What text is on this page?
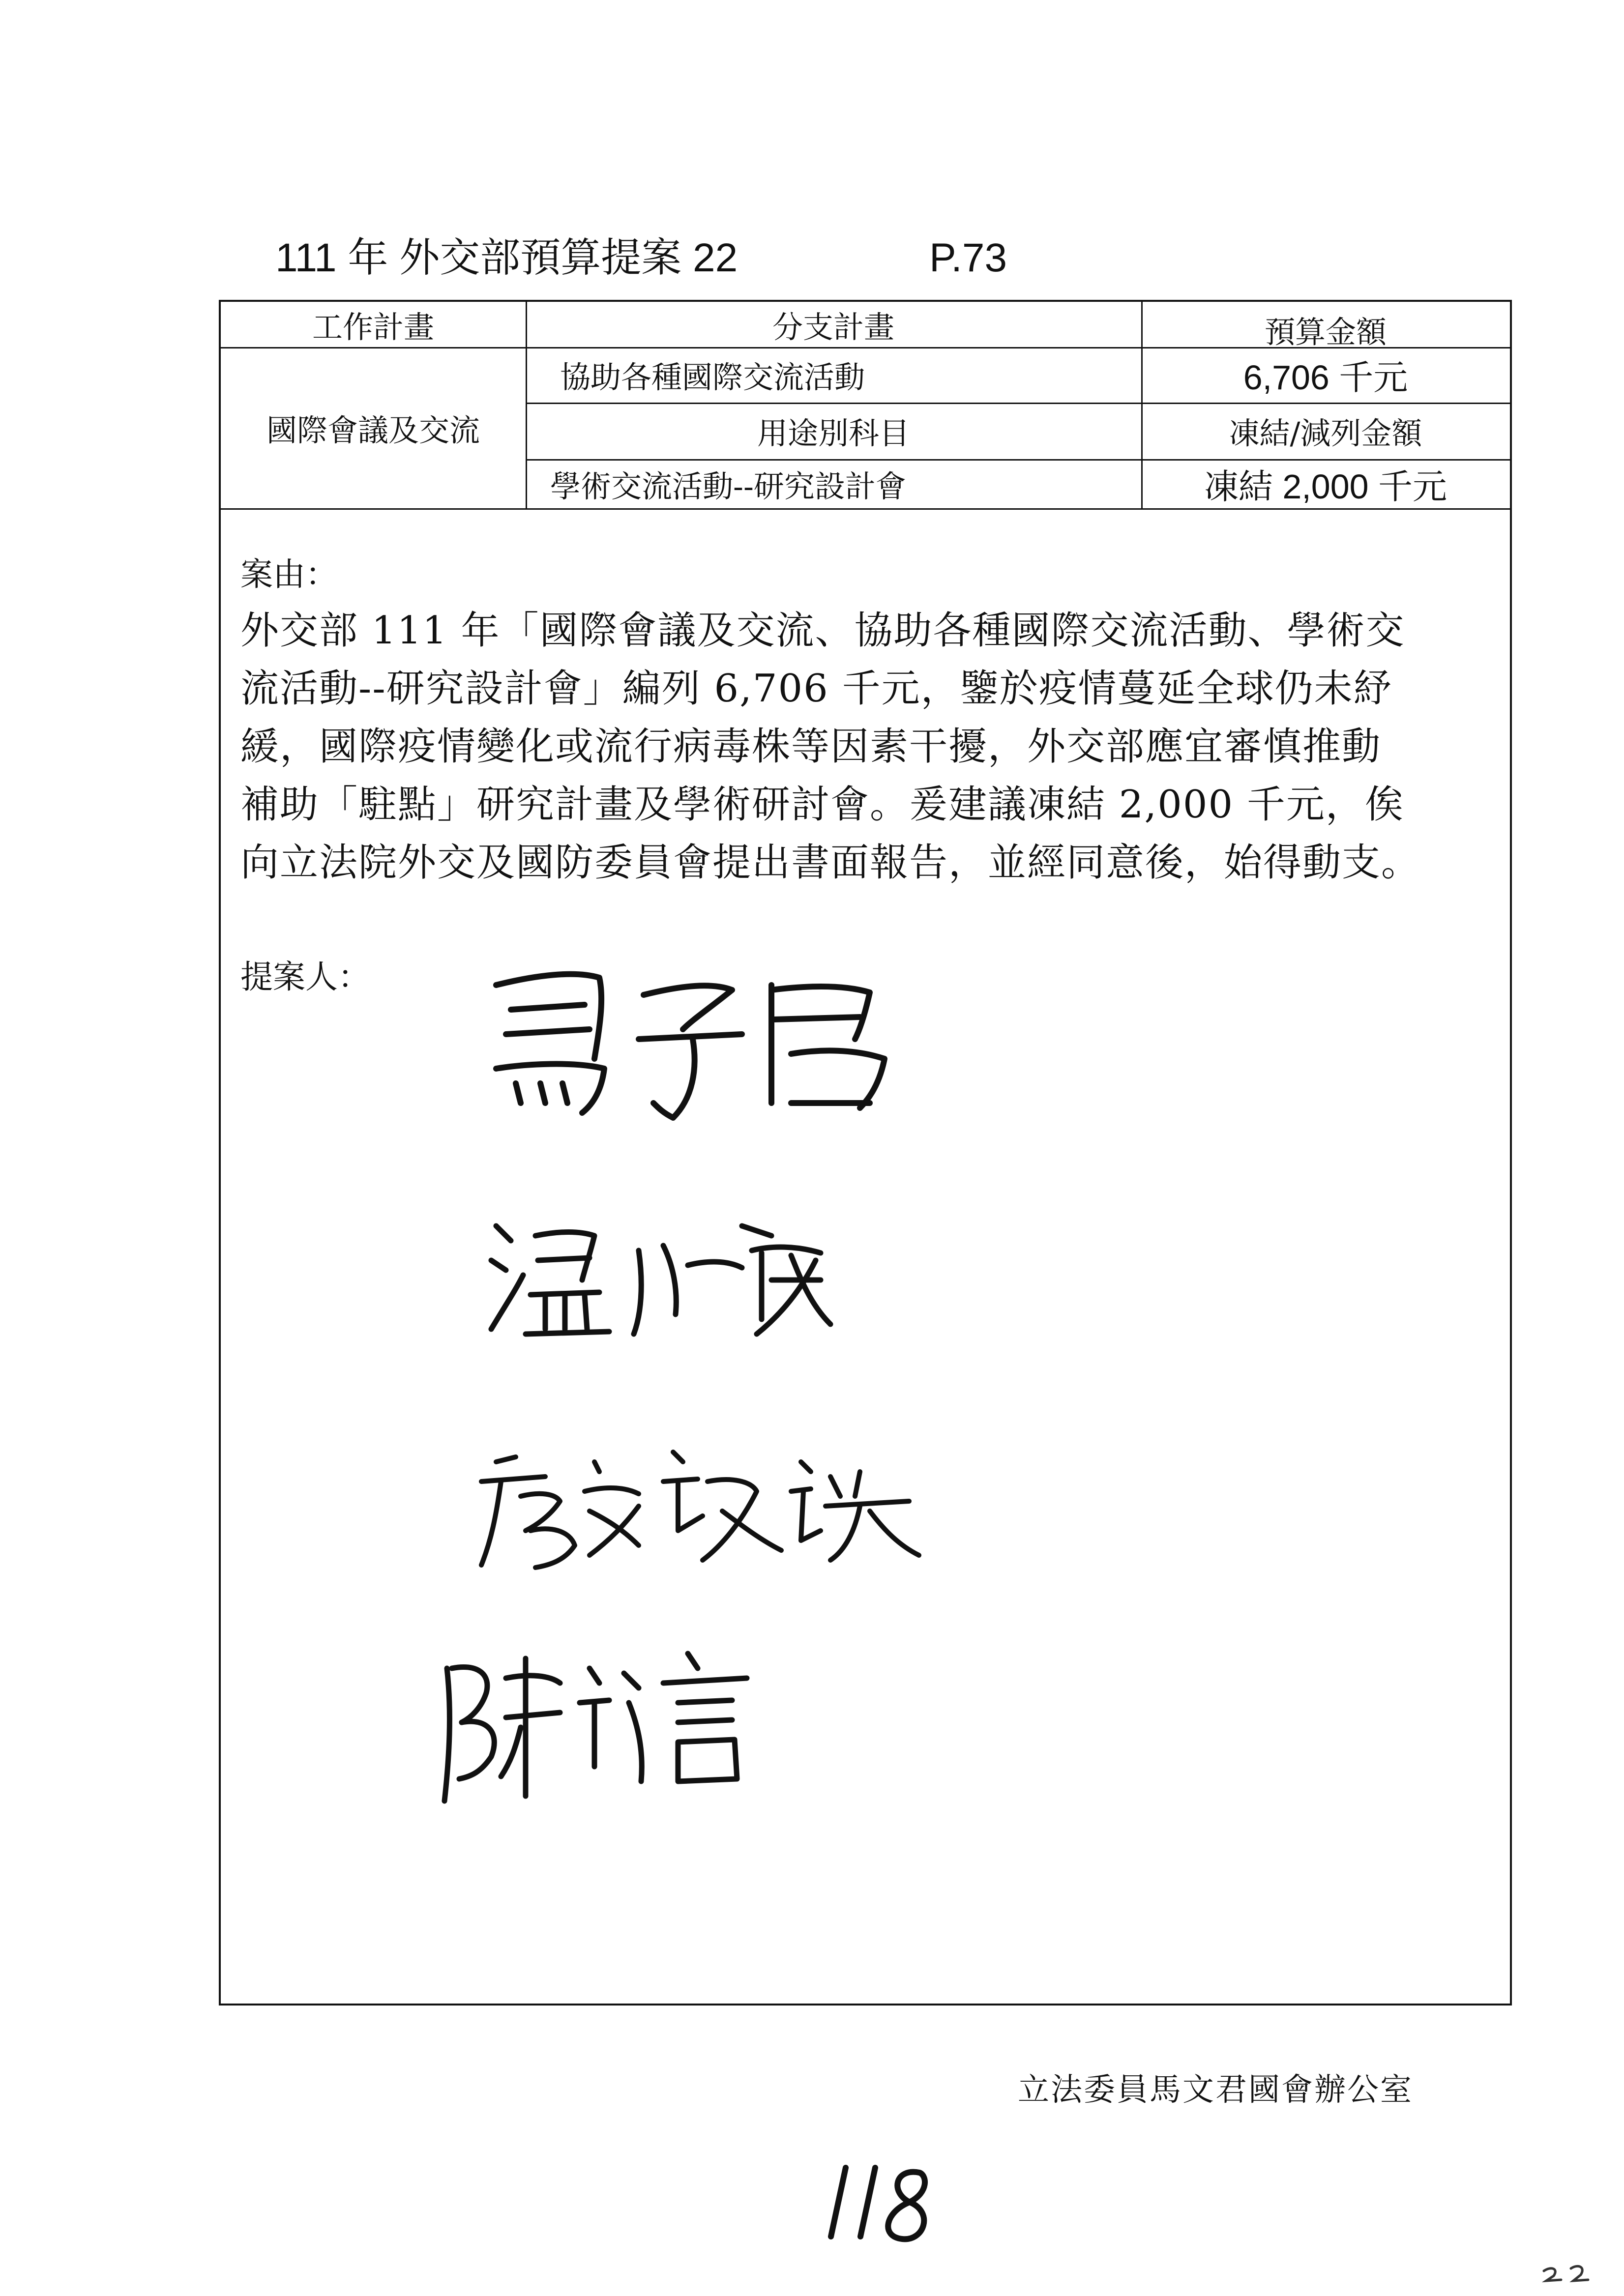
111 年 外交部預算提案 22	P.73
工作計畫	分支計畫	預算金額
國際會議及交流
協助各種國際交流活動	6,706 千元
用途別科目	凍結/減列金額
學術交流活動--研究設計會	凍結 2,000 千元
案由：

外交部 111 年「國際會議及交流、協助各種國際交流活動、學術交
流活動--研究設計會」編列 6,706 千元，鑒於疫情蔓延全球仍未紓
緩，國際疫情變化或流行病毒株等因素干擾，外交部應宜審慎推動
補助「駐點」研究計畫及學術研討會。爰建議凍結 2,000 千元，俟
向立法院外交及國防委員會提出書面報告，並經同意後，始得動支。

提案人：
立法委員馬文君國會辦公室
